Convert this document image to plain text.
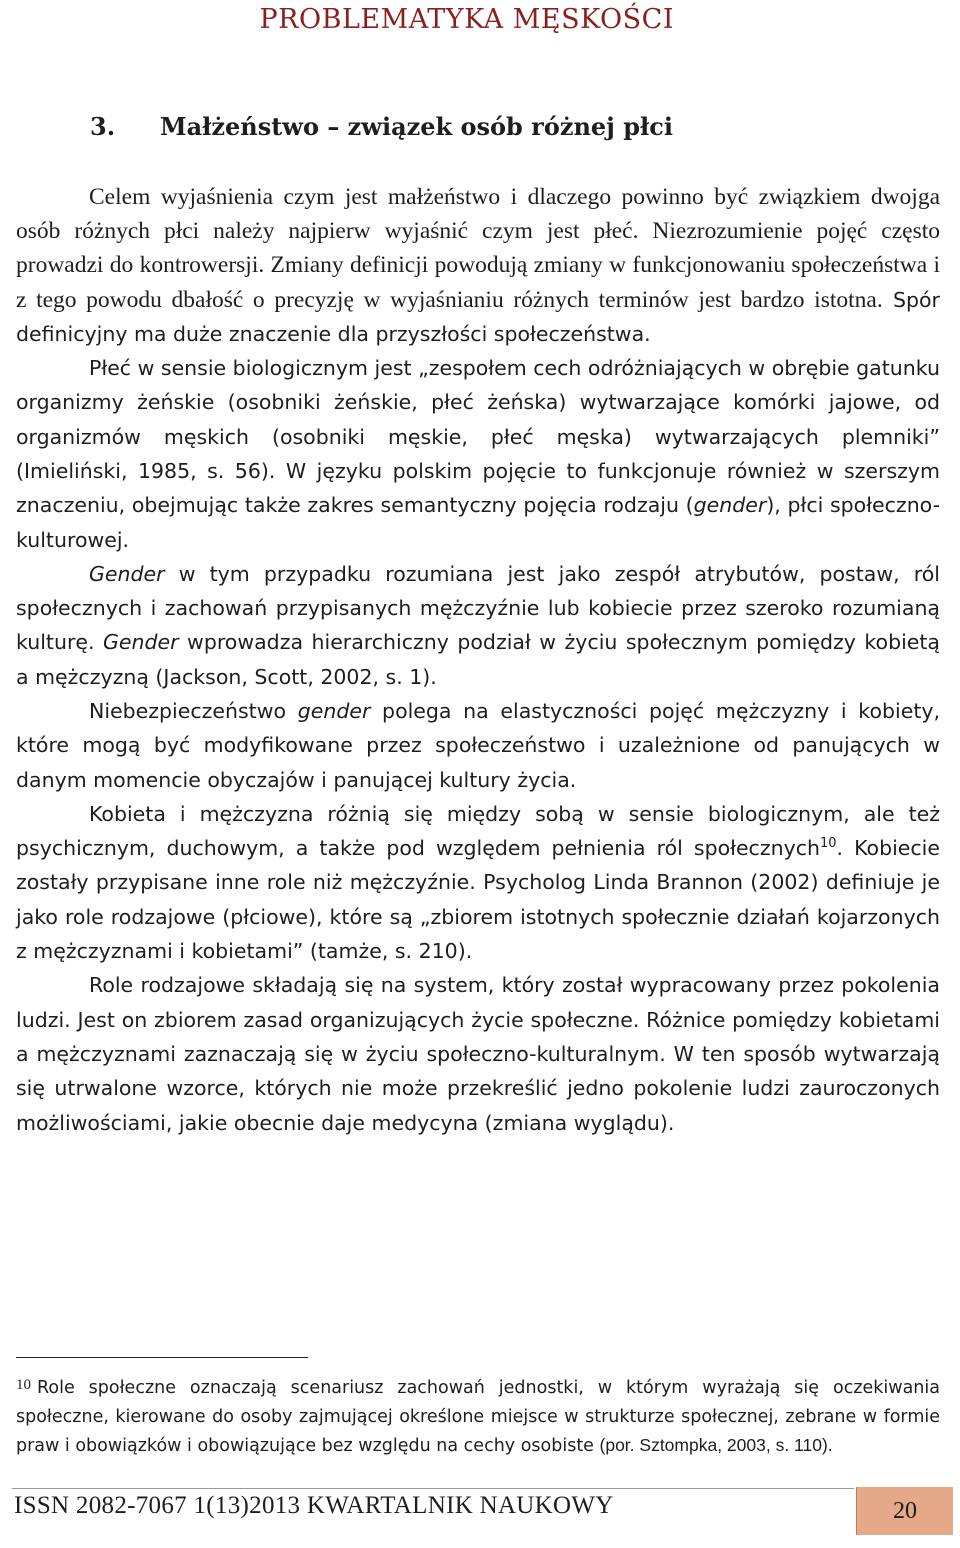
PROBLEMATYKA MĘSKOŚCI
3. Małżeństwo – związek osób różnej płci

Celem wyjaśnienia czym jest małżeństwo i dlaczego powinno być związkiem dwojga osób różnych płci należy najpierw wyjaśnić czym jest płeć. Niezrozumienie pojęć często prowadzi do kontrowersji. Zmiany definicji powodują zmiany w funkcjonowaniu społeczeństwa i z tego powodu dbałość o precyzję w wyjaśnianiu różnych terminów jest bardzo istotna. Spór definicyjny ma duże znaczenie dla przyszłości społeczeństwa.

Płeć w sensie biologicznym jest „zespołem cech odróżniających w obrębie gatunku organizmy żeńskie (osobniki żeńskie, płeć żeńska) wytwarzające komórki jajowe, od organizmów męskich (osobniki męskie, płeć męska) wytwarzających plemniki” (Imieliński, 1985, s. 56). W języku polskim pojęcie to funkcjonuje również w szerszym znaczeniu, obejmując także zakres semantyczny pojęcia rodzaju (gender), płci społeczno-kulturowej.

Gender w tym przypadku rozumiana jest jako zespół atrybutów, postaw, ról społecznych i zachowań przypisanych mężczyźnie lub kobiecie przez szeroko rozumianą kulturę. Gender wprowadza hierarchiczny podział w życiu społecznym pomiędzy kobietą a mężczyzną (Jackson, Scott, 2002, s. 1).

Niebezpieczeństwo gender polega na elastyczności pojęć mężczyzny i kobiety, które mogą być modyfikowane przez społeczeństwo i uzależnione od panujących w danym momencie obyczajów i panującej kultury życia.

Kobieta i mężczyzna różnią się między sobą w sensie biologicznym, ale też psychicznym, duchowym, a także pod względem pełnienia ról społecznych$^{10}$. Kobiecie zostały przypisane inne role niż mężczyźnie. Psycholog Linda Brannon (2002) definiuje je jako role rodzajowe (płciowe), które są „zbiorem istotnych społecznie działań kojarzonych z mężczyznami i kobietami” (tamże, s. 210).

Role rodzajowe składają się na system, który został wypracowany przez pokolenia ludzi. Jest on zbiorem zasad organizujących życie społeczne. Różnice pomiędzy kobietami a mężczyznami zaznaczają się w życiu społeczno-kulturalnym. W ten sposób wytwarzają się utrwalone wzorce, których nie może przekreślić jedno pokolenie ludzi zauroczonych możliwościami, jakie obecnie daje medycyna (zmiana wyglądu).

10 Role społeczne oznaczają scenariusz zachowań jednostki, w którym wyrażają się oczekiwania społeczne, kierowane do osoby zajmującej określone miejsce w strukturze społecznej, zebrane w formie praw i obowiązków i obowiązujące bez względu na cechy osobiste (por. Sztompka, 2003, s. 110).
ISSN 2082-7067 1(13)2013 KWARTALNIK NAUKOWY	20
